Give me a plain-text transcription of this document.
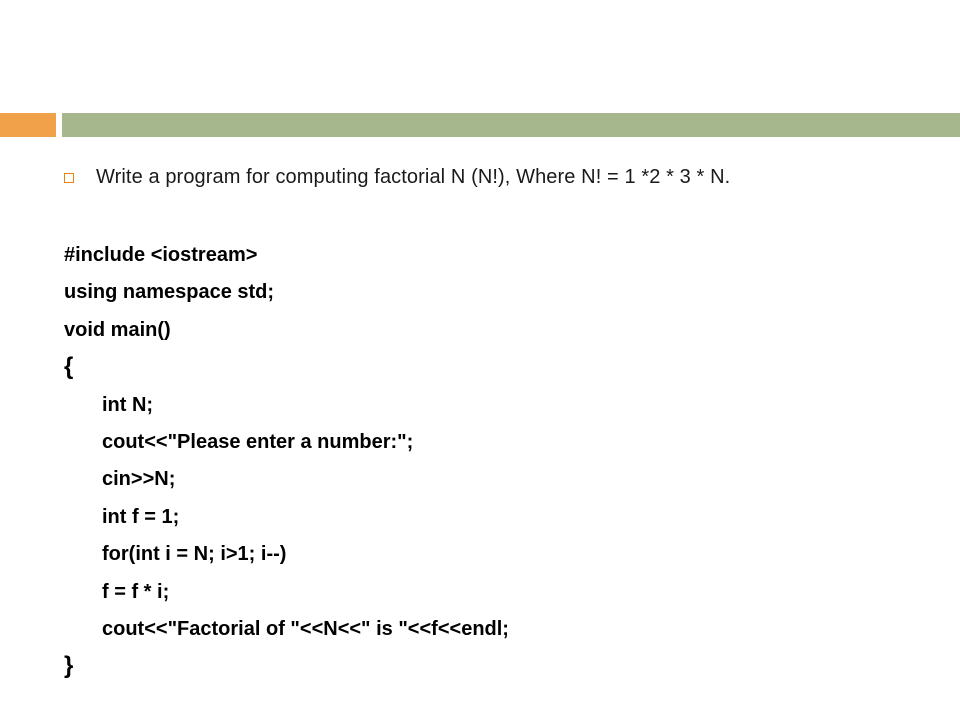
Write a program for computing factorial N (N!), Where N! = 1 *2 * 3 * N.
#include <iostream>
using namespace std;
void main()
{
int N;
cout<<"Please enter a number:";
cin>>N;
int f = 1;
for(int i = N; i>1; i--)
f = f * i;
cout<<"Factorial of "<<N<<" is "<<f<<endl;
}
